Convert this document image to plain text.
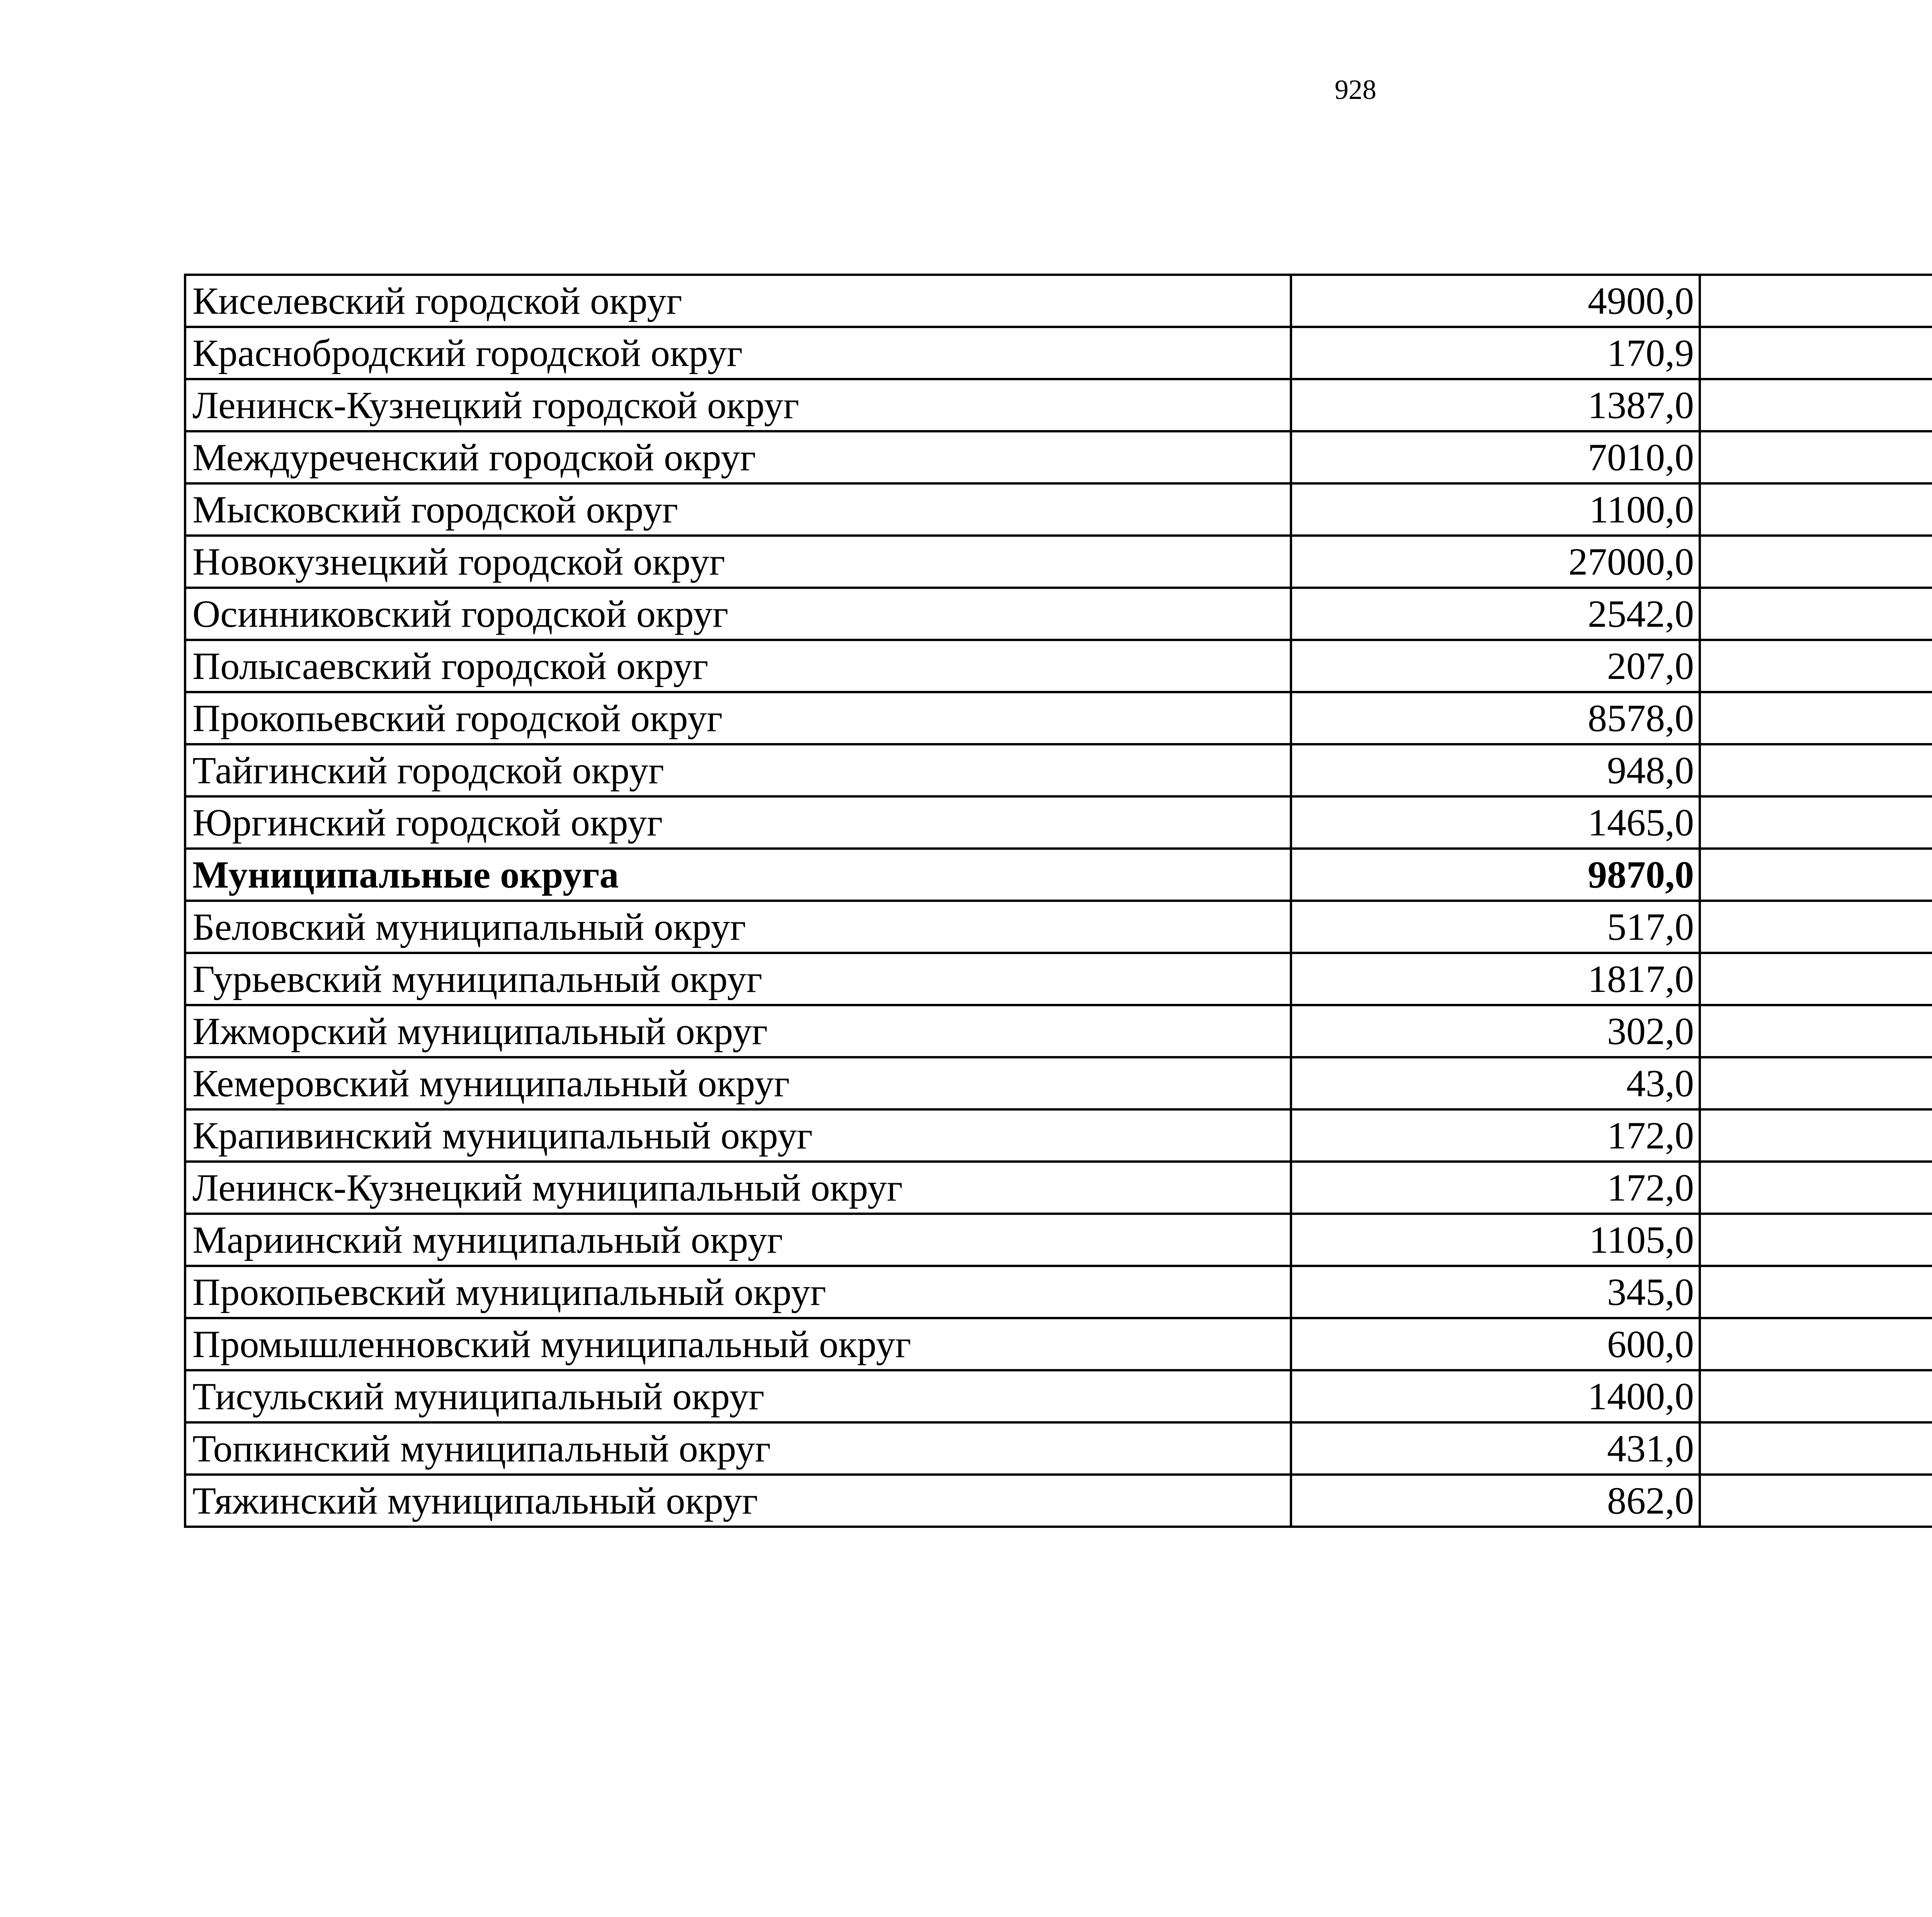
928
Киселевский городской округ	4900,0		
Краснобродский городской округ	170,9		
Ленинск-Кузнецкий городской округ	1387,0		
Междуреченский городской округ	7010,0		
Мысковский городской округ	1100,0		
Новокузнецкий городской округ	27000,0		
Осинниковский городской округ	2542,0		
Полысаевский городской округ	207,0		
Прокопьевский городской округ	8578,0		
Тайгинский городской округ	948,0		
Юргинский городской округ	1465,0		
Муниципальные округа	9870,0		
Беловский муниципальный округ	517,0		
Гурьевский муниципальный округ	1817,0		
Ижморский муниципальный округ	302,0		
Кемеровский муниципальный округ	43,0		
Крапивинский муниципальный округ	172,0		
Ленинск-Кузнецкий муниципальный округ	172,0		
Мариинский муниципальный округ	1105,0		
Прокопьевский муниципальный округ	345,0		
Промышленновский муниципальный округ	600,0		
Тисульский муниципальный округ	1400,0		
Топкинский муниципальный округ	431,0		
Тяжинский муниципальный округ	862,0		
